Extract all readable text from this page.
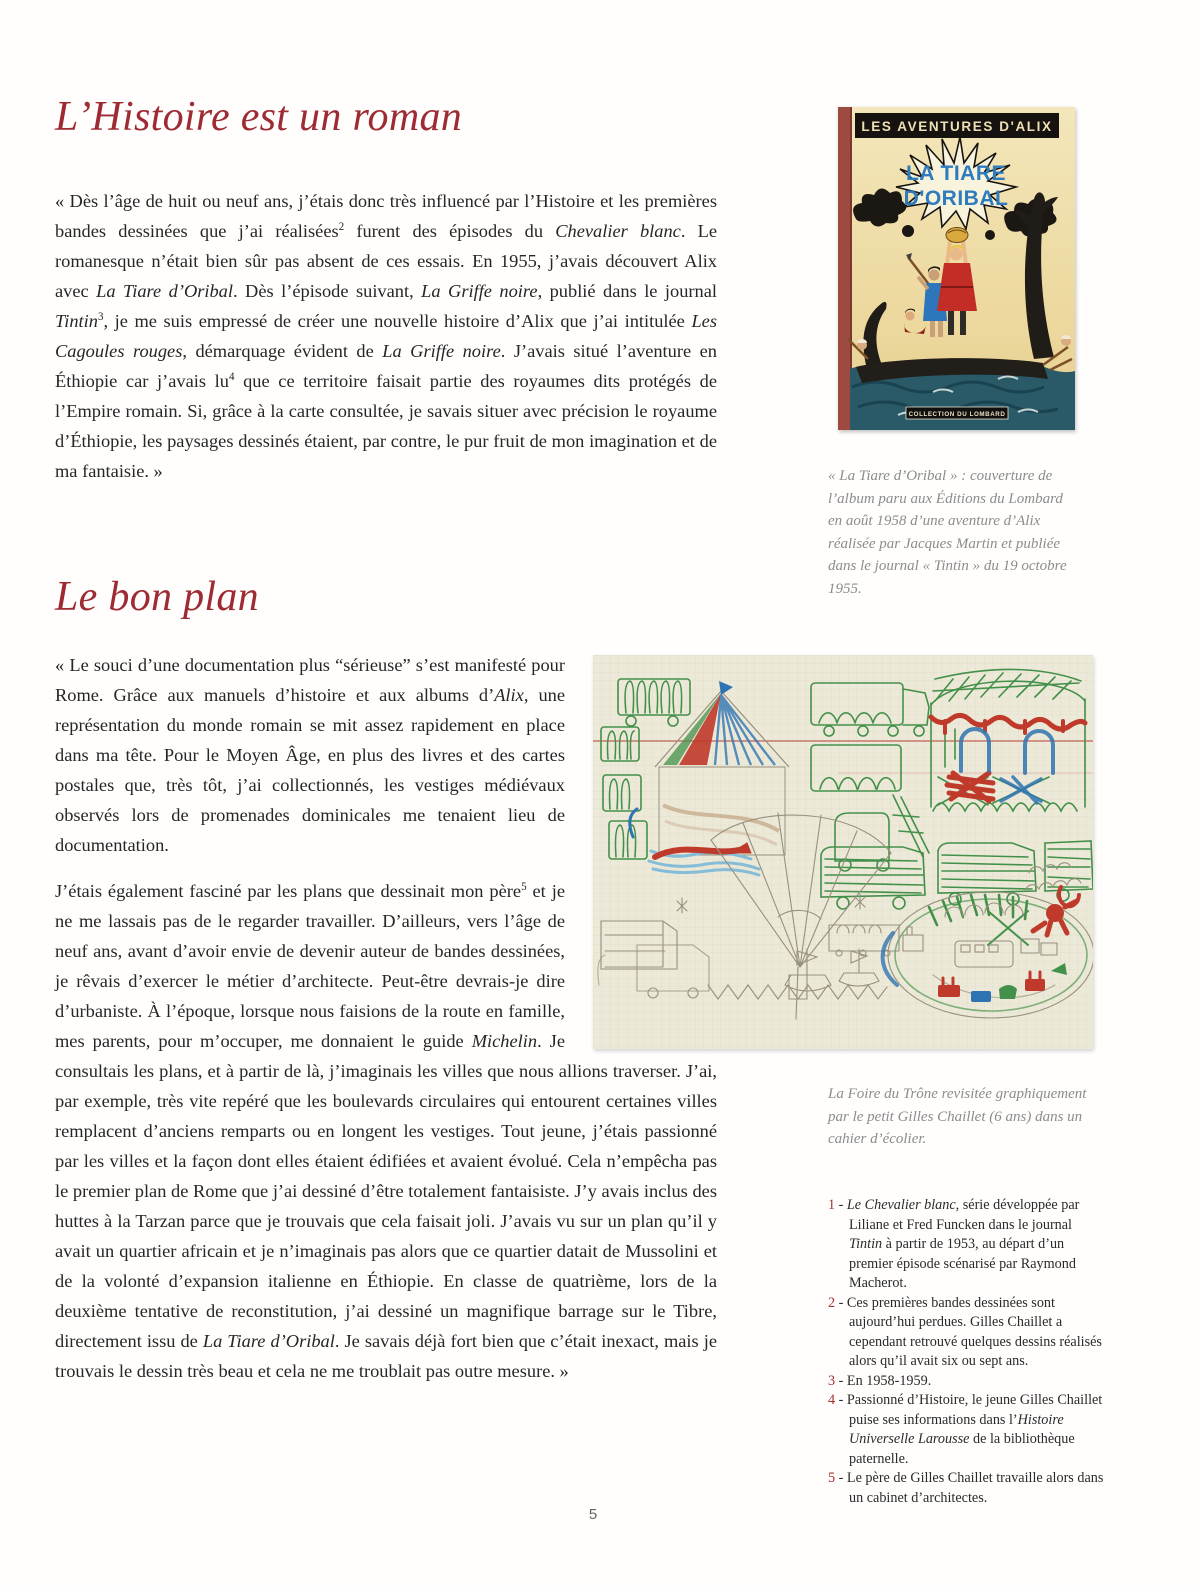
L’Histoire est un roman

« Dès l’âge de huit ou neuf ans, j’étais donc très influencé par l’Histoire et les premières bandes dessinées que j’ai réalisées$^2$ furent des épisodes du Chevalier blanc. Le romanesque n’était bien sûr pas absent de ces essais. En 1955, j’avais découvert Alix avec La Tiare d’Oribal. Dès l’épisode suivant, La Griffe noire, publié dans le journal Tintin$^3$, je me suis empressé de créer une nouvelle histoire d’Alix que j’ai intitulée Les Cagoules rouges, démarquage évident de La Griffe noire. J’avais situé l’aventure en Éthiopie car j’avais $lu^4$ que ce territoire faisait partie des royaumes dits protégés de l’Empire romain. Si, grâce à la carte consultée, je savais situer avec précision le royaume d’Éthiopie, les paysages dessinés étaient, par contre, le pur fruit de mon imagination et de ma fantaisie. »

LES AVENTURES D'ALIX
LA TIARE
D'ORIBAL
COLLECTION DU LOMBARD

« La Tiare d’Oribal » : couverture de l’album paru aux Éditions du Lombard en août 1958 d’une aventure d’Alix réalisée par Jacques Martin et publiée dans le journal « Tintin » du 19 octobre 1955.

Le bon plan

« Le souci d’une documentation plus “sérieuse” s’est manifesté pour Rome. Grâce aux manuels d’histoire et aux albums d’Alix, une représentation du monde romain se mit assez rapidement en place dans ma tête. Pour le Moyen Âge, en plus des livres et des cartes postales que, très tôt, j’ai collectionnés, les vestiges médiévaux observés lors de promenades dominicales me tenaient lieu de documentation.

J’étais également fasciné par les plans que dessinait mon père$^5$ et je ne me lassais pas de le regarder travailler. D’ailleurs, vers l’âge de neuf ans, avant d’avoir envie de devenir auteur de bandes dessinées, je rêvais d’exercer le métier d’architecte. Peut-être devrais-je dire d’urbaniste. À l’époque, lorsque nous faisions de la route en famille, mes parents, pour m’occuper, me donnaient le guide Michelin. Je consultais les plans, et à partir de là, j’imaginais les villes que nous allions traverser. J’ai, par exemple, très vite repéré que les boulevards circulaires qui entourent certaines villes remplacent d’anciens remparts ou en longent les vestiges. Tout jeune, j’étais passionné par les villes et la façon dont elles étaient édifiées et avaient évolué. Cela n’empêcha pas le premier plan de Rome que j’ai dessiné d’être totalement fantaisiste. J’y avais inclus des huttes à la Tarzan parce que je trouvais que cela faisait joli. J’avais vu sur un plan qu’il y avait un quartier africain et je n’imaginais pas alors que ce quartier datait de Mussolini et de la volonté d’expansion italienne en Éthiopie. En classe de quatrième, lors de la deuxième tentative de reconstitution, j’ai dessiné un magnifique barrage sur le Tibre, directement issu de La Tiare d’Oribal. Je savais déjà fort bien que c’était inexact, mais je trouvais le dessin très beau et cela ne me troublait pas outre mesure. »

La Foire du Trône revisitée graphiquement par le petit Gilles Chaillet (6 ans) dans un cahier d’écolier.

1 - Le Chevalier blanc, série développée par Liliane et Fred Funcken dans le journal Tintin à partir de 1953, au départ d’un premier épisode scénarisé par Raymond Macherot.
2 - Ces premières bandes dessinées sont aujourd’hui perdues. Gilles Chaillet a cependant retrouvé quelques dessins réalisés alors qu’il avait six ou sept ans.
3 - En 1958-1959.
4 - Passionné d’Histoire, le jeune Gilles Chaillet puise ses informations dans l’Histoire Universelle Larousse de la bibliothèque paternelle.
5 - Le père de Gilles Chaillet travaille alors dans un cabinet d’architectes.
5
